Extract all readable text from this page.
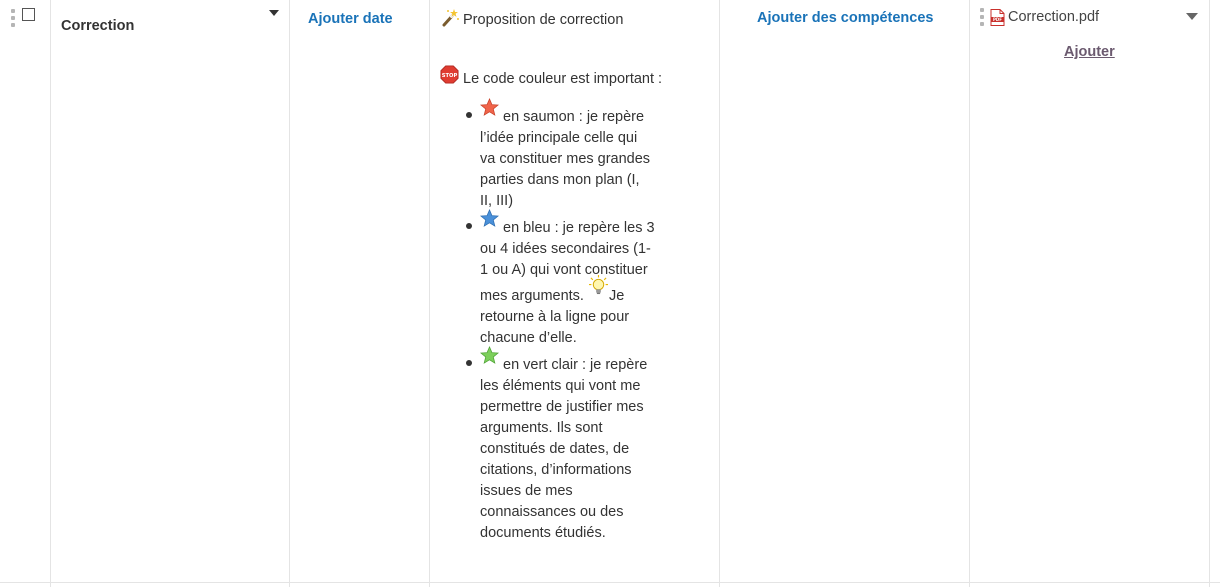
Correction	Ajouter date	Proposition de correction
STOP Le code couleur est important :
en saumon : je repère l’idée principale celle qui va constituer mes grandes parties dans mon plan (I, II, III)
en bleu : je repère les 3 ou 4 idées secondaires (1-1 ou A) qui vont constituer mes arguments. Je retourne à la ligne pour chacune d’elle.
en vert clair : je repère les éléments qui vont me permettre de justifier mes arguments. Ils sont constitués de dates, de citations, d’informations issues de mes connaissances ou des documents étudiés.
Ajouter des compétences	PDF Correction.pdf
Ajouter
